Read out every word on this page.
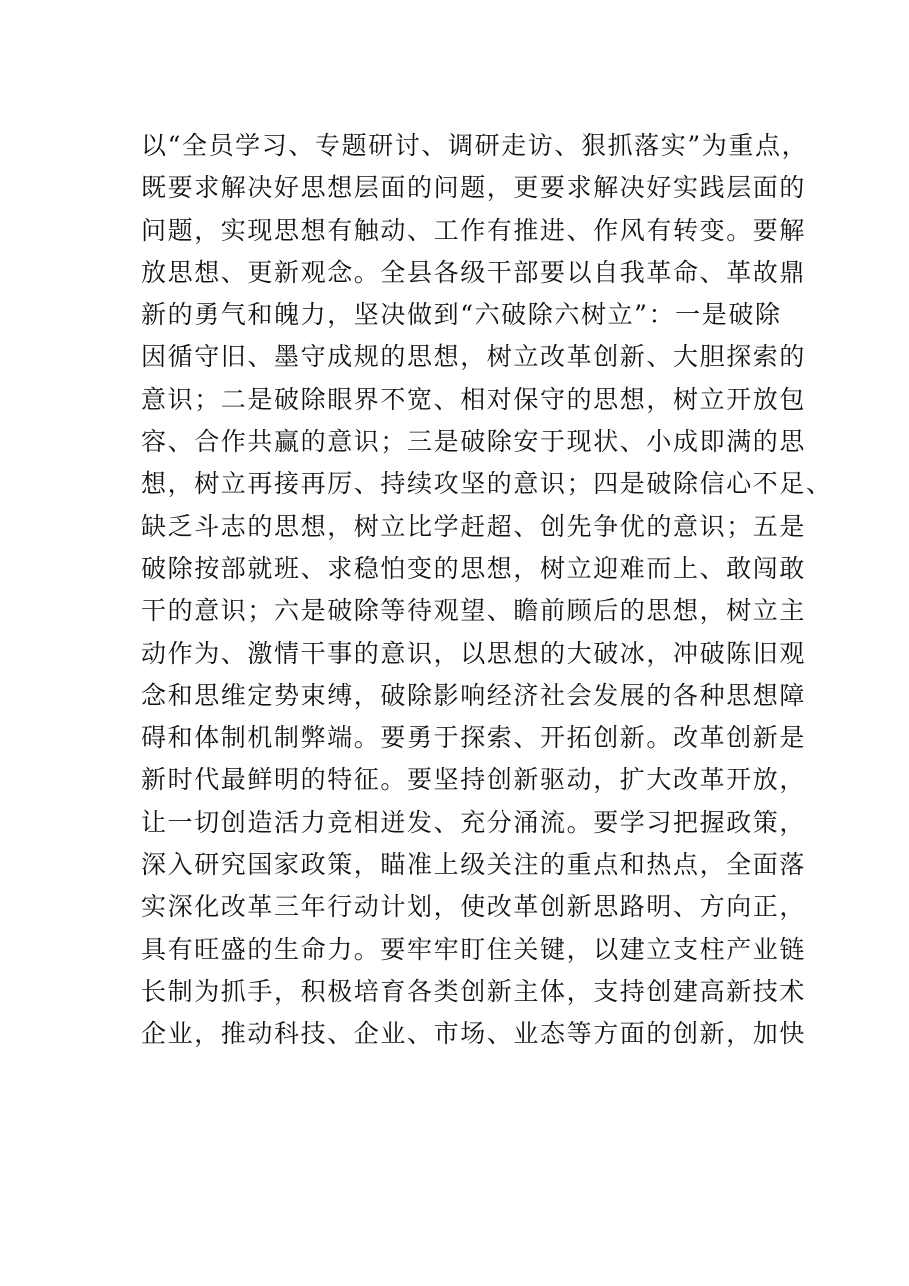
以“全员学习、专题研讨、调研走访、狠抓落实”为重点，
既要求解决好思想层面的问题，更要求解决好实践层面的
问题，实现思想有触动、工作有推进、作风有转变。要解
放思想、更新观念。全县各级干部要以自我革命、革故鼎
新的勇气和魄力，坚决做到“六破除六树立”：一是破除
因循守旧、墨守成规的思想，树立改革创新、大胆探索的
意识；二是破除眼界不宽、相对保守的思想，树立开放包
容、合作共赢的意识；三是破除安于现状、小成即满的思
想，树立再接再厉、持续攻坚的意识；四是破除信心不足、
缺乏斗志的思想，树立比学赶超、创先争优的意识；五是
破除按部就班、求稳怕变的思想，树立迎难而上、敢闯敢
干的意识；六是破除等待观望、瞻前顾后的思想，树立主
动作为、激情干事的意识，以思想的大破冰，冲破陈旧观
念和思维定势束缚，破除影响经济社会发展的各种思想障
碍和体制机制弊端。要勇于探索、开拓创新。改革创新是
新时代最鲜明的特征。要坚持创新驱动，扩大改革开放，
让一切创造活力竞相迸发、充分涌流。要学习把握政策，
深入研究国家政策，瞄准上级关注的重点和热点，全面落
实深化改革三年行动计划，使改革创新思路明、方向正，
具有旺盛的生命力。要牢牢盯住关键，以建立支柱产业链
长制为抓手，积极培育各类创新主体，支持创建高新技术
企业，推动科技、企业、市场、业态等方面的创新，加快
